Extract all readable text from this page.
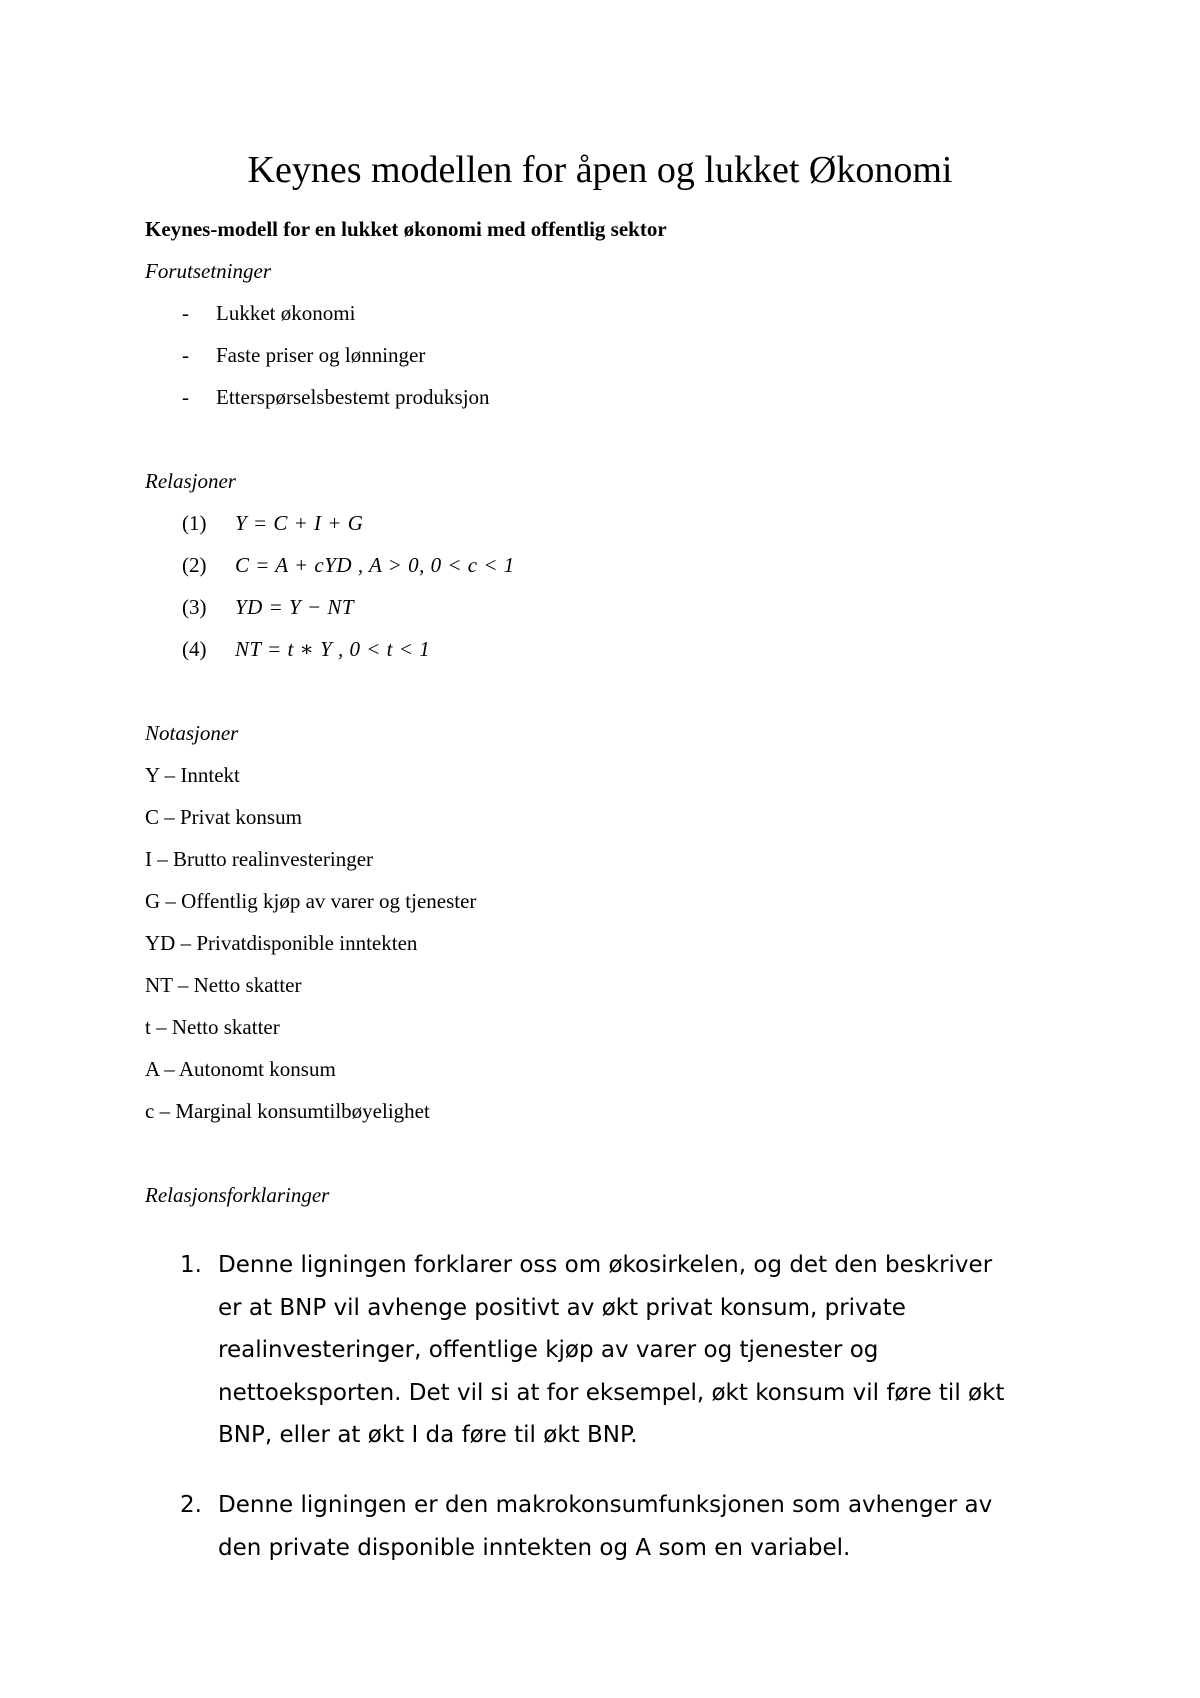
Keynes modellen for åpen og lukket Økonomi
Keynes-modell for en lukket økonomi med offentlig sektor
Forutsetninger
- Lukket økonomi
- Faste priser og lønninger
- Etterspørselsbestemt produksjon
Relasjoner
(1) Y = C + I + G
(2) C = A + cYD , A > 0, 0 < c < 1
(3) YD = Y − NT
(4) NT = t ∗ Y , 0 < t < 1
Notasjoner
Y – Inntekt
C – Privat konsum
I – Brutto realinvesteringer
G – Offentlig kjøp av varer og tjenester
YD – Privatdisponible inntekten
NT – Netto skatter
t – Netto skatter
A – Autonomt konsum
c – Marginal konsumtilbøyelighet
Relasjonsforklaringer
1. Denne ligningen forklarer oss om økosirkelen, og det den beskriver
er at BNP vil avhenge positivt av økt privat konsum, private
realinvesteringer, offentlige kjøp av varer og tjenester og
nettoeksporten. Det vil si at for eksempel, økt konsum vil føre til økt
BNP, eller at økt I da føre til økt BNP.
2. Denne ligningen er den makrokonsumfunksjonen som avhenger av
den private disponible inntekten og A som en variabel.
